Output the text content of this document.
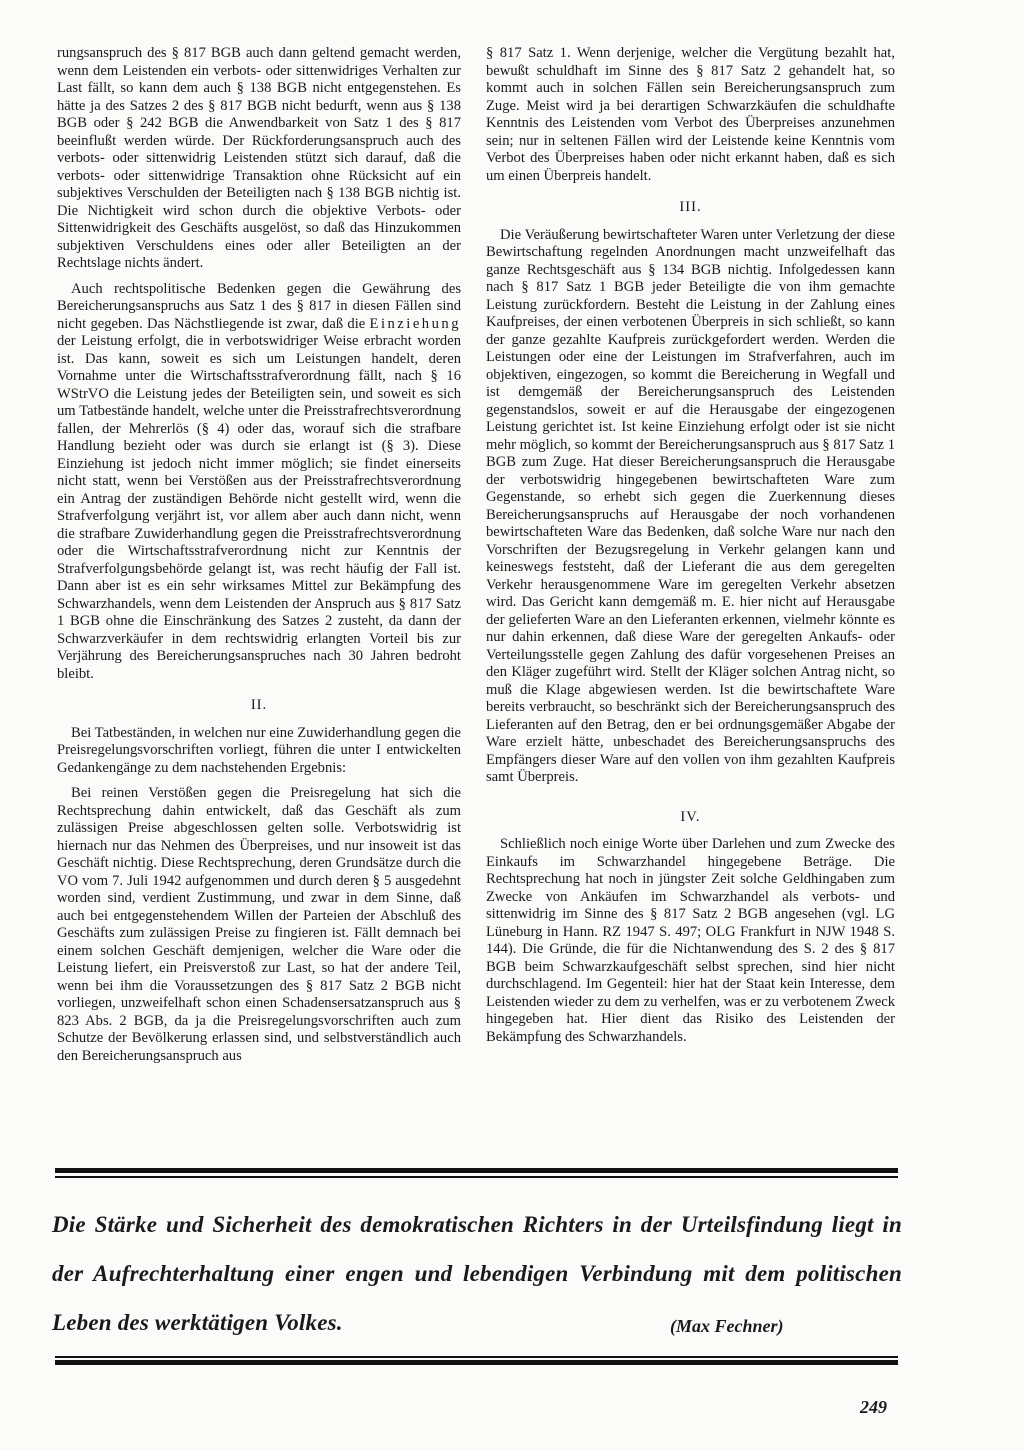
rungsanspruch des § 817 BGB auch dann geltend gemacht werden, wenn dem Leistenden ein verbots- oder sittenwidriges Verhalten zur Last fällt, so kann dem auch § 138 BGB nicht entgegenstehen. Es hätte ja des Satzes 2 des § 817 BGB nicht bedurft, wenn aus § 138 BGB oder § 242 BGB die Anwendbarkeit von Satz 1 des § 817 beeinflußt werden würde. Der Rückforderungsanspruch auch des verbots- oder sittenwidrig Leistenden stützt sich darauf, daß die verbots- oder sittenwidrige Transaktion ohne Rücksicht auf ein subjektives Verschulden der Beteiligten nach § 138 BGB nichtig ist. Die Nichtigkeit wird schon durch die objektive Verbots- oder Sittenwidrigkeit des Geschäfts ausgelöst, so daß das Hinzukommen subjektiven Verschuldens eines oder aller Beteiligten an der Rechtslage nichts ändert.

Auch rechtspolitische Bedenken gegen die Gewährung des Bereicherungsanspruchs aus Satz 1 des § 817 in diesen Fällen sind nicht gegeben. Das Nächstliegende ist zwar, daß die Einziehung der Leistung erfolgt, die in verbotswidriger Weise erbracht worden ist. Das kann, soweit es sich um Leistungen handelt, deren Vornahme unter die Wirtschaftsstrafverordnung fällt, nach § 16 WStrVO die Leistung jedes der Beteiligten sein, und soweit es sich um Tatbestände handelt, welche unter die Preisstrafrechtsverordnung fallen, der Mehrerlös (§ 4) oder das, worauf sich die strafbare Handlung bezieht oder was durch sie erlangt ist (§ 3). Diese Einziehung ist jedoch nicht immer möglich; sie findet einerseits nicht statt, wenn bei Verstößen aus der Preisstrafrechtsverordnung ein Antrag der zuständigen Behörde nicht gestellt wird, wenn die Strafverfolgung verjährt ist, vor allem aber auch dann nicht, wenn die strafbare Zuwiderhandlung gegen die Preisstrafrechtsverordnung oder die Wirtschaftsstrafverordnung nicht zur Kenntnis der Strafverfolgungsbehörde gelangt ist, was recht häufig der Fall ist. Dann aber ist es ein sehr wirksames Mittel zur Bekämpfung des Schwarzhandels, wenn dem Leistenden der Anspruch aus § 817 Satz 1 BGB ohne die Einschränkung des Satzes 2 zusteht, da dann der Schwarzverkäufer in dem rechtswidrig erlangten Vorteil bis zur Verjährung des Bereicherungsanspruches nach 30 Jahren bedroht bleibt.

II.

Bei Tatbeständen, in welchen nur eine Zuwiderhandlung gegen die Preisregelungsvorschriften vorliegt, führen die unter I entwickelten Gedankengänge zu dem nachstehenden Ergebnis:

Bei reinen Verstößen gegen die Preisregelung hat sich die Rechtsprechung dahin entwickelt, daß das Geschäft als zum zulässigen Preise abgeschlossen gelten solle. Verbotswidrig ist hiernach nur das Nehmen des Überpreises, und nur insoweit ist das Geschäft nichtig. Diese Rechtsprechung, deren Grundsätze durch die VO vom 7. Juli 1942 aufgenommen und durch deren § 5 ausgedehnt worden sind, verdient Zustimmung, und zwar in dem Sinne, daß auch bei entgegenstehendem Willen der Parteien der Abschluß des Geschäfts zum zulässigen Preise zu fingieren ist. Fällt demnach bei einem solchen Geschäft demjenigen, welcher die Ware oder die Leistung liefert, ein Preisverstoß zur Last, so hat der andere Teil, wenn bei ihm die Voraussetzungen des § 817 Satz 2 BGB nicht vorliegen, unzweifelhaft schon einen Schadensersatzanspruch aus § 823 Abs. 2 BGB, da ja die Preisregelungsvorschriften auch zum Schutze der Bevölkerung erlassen sind, und selbstverständlich auch den Bereicherungsanspruch aus

§ 817 Satz 1. Wenn derjenige, welcher die Vergütung bezahlt hat, bewußt schuldhaft im Sinne des § 817 Satz 2 gehandelt hat, so kommt auch in solchen Fällen sein Bereicherungsanspruch zum Zuge. Meist wird ja bei derartigen Schwarzkäufen die schuldhafte Kenntnis des Leistenden vom Verbot des Überpreises anzunehmen sein; nur in seltenen Fällen wird der Leistende keine Kenntnis vom Verbot des Überpreises haben oder nicht erkannt haben, daß es sich um einen Überpreis handelt.

III.

Die Veräußerung bewirtschafteter Waren unter Verletzung der diese Bewirtschaftung regelnden Anordnungen macht unzweifelhaft das ganze Rechtsgeschäft aus § 134 BGB nichtig. Infolgedessen kann nach § 817 Satz 1 BGB jeder Beteiligte die von ihm gemachte Leistung zurückfordern. Besteht die Leistung in der Zahlung eines Kaufpreises, der einen verbotenen Überpreis in sich schließt, so kann der ganze gezahlte Kaufpreis zurückgefordert werden. Werden die Leistungen oder eine der Leistungen im Strafverfahren, auch im objektiven, eingezogen, so kommt die Bereicherung in Wegfall und ist demgemäß der Bereicherungsanspruch des Leistenden gegenstandslos, soweit er auf die Herausgabe der eingezogenen Leistung gerichtet ist. Ist keine Einziehung erfolgt oder ist sie nicht mehr möglich, so kommt der Bereicherungsanspruch aus § 817 Satz 1 BGB zum Zuge. Hat dieser Bereicherungsanspruch die Herausgabe der verbotswidrig hingegebenen bewirtschafteten Ware zum Gegenstande, so erhebt sich gegen die Zuerkennung dieses Bereicherungsanspruchs auf Herausgabe der noch vorhandenen bewirtschafteten Ware das Bedenken, daß solche Ware nur nach den Vorschriften der Bezugsregelung in Verkehr gelangen kann und keineswegs feststeht, daß der Lieferant die aus dem geregelten Verkehr herausgenommene Ware im geregelten Verkehr absetzen wird. Das Gericht kann demgemäß m. E. hier nicht auf Herausgabe der gelieferten Ware an den Lieferanten erkennen, vielmehr könnte es nur dahin erkennen, daß diese Ware der geregelten Ankaufs- oder Verteilungsstelle gegen Zahlung des dafür vorgesehenen Preises an den Kläger zugeführt wird. Stellt der Kläger solchen Antrag nicht, so muß die Klage abgewiesen werden. Ist die bewirtschaftete Ware bereits verbraucht, so beschränkt sich der Bereicherungsanspruch des Lieferanten auf den Betrag, den er bei ordnungsgemäßer Abgabe der Ware erzielt hätte, unbeschadet des Bereicherungsanspruchs des Empfängers dieser Ware auf den vollen von ihm gezahlten Kaufpreis samt Überpreis.

IV.

Schließlich noch einige Worte über Darlehen und zum Zwecke des Einkaufs im Schwarzhandel hingegebene Beträge. Die Rechtsprechung hat noch in jüngster Zeit solche Geldhingaben zum Zwecke von Ankäufen im Schwarzhandel als verbots- und sittenwidrig im Sinne des § 817 Satz 2 BGB angesehen (vgl. LG Lüneburg in Hann. RZ 1947 S. 497; OLG Frankfurt in NJW 1948 S. 144). Die Gründe, die für die Nichtanwendung des S. 2 des § 817 BGB beim Schwarzkaufgeschäft selbst sprechen, sind hier nicht durchschlagend. Im Gegenteil: hier hat der Staat kein Interesse, dem Leistenden wieder zu dem zu verhelfen, was er zu verbotenem Zweck hingegeben hat. Hier dient das Risiko des Leistenden der Bekämpfung des Schwarzhandels.

Die Stärke und Sicherheit des demokratischen Richters in der Urteilsfindung liegt in der Aufrechterhaltung einer engen und lebendigen Verbindung mit dem politischen Leben des werktätigen Volkes.	(Max Fechner)
249
